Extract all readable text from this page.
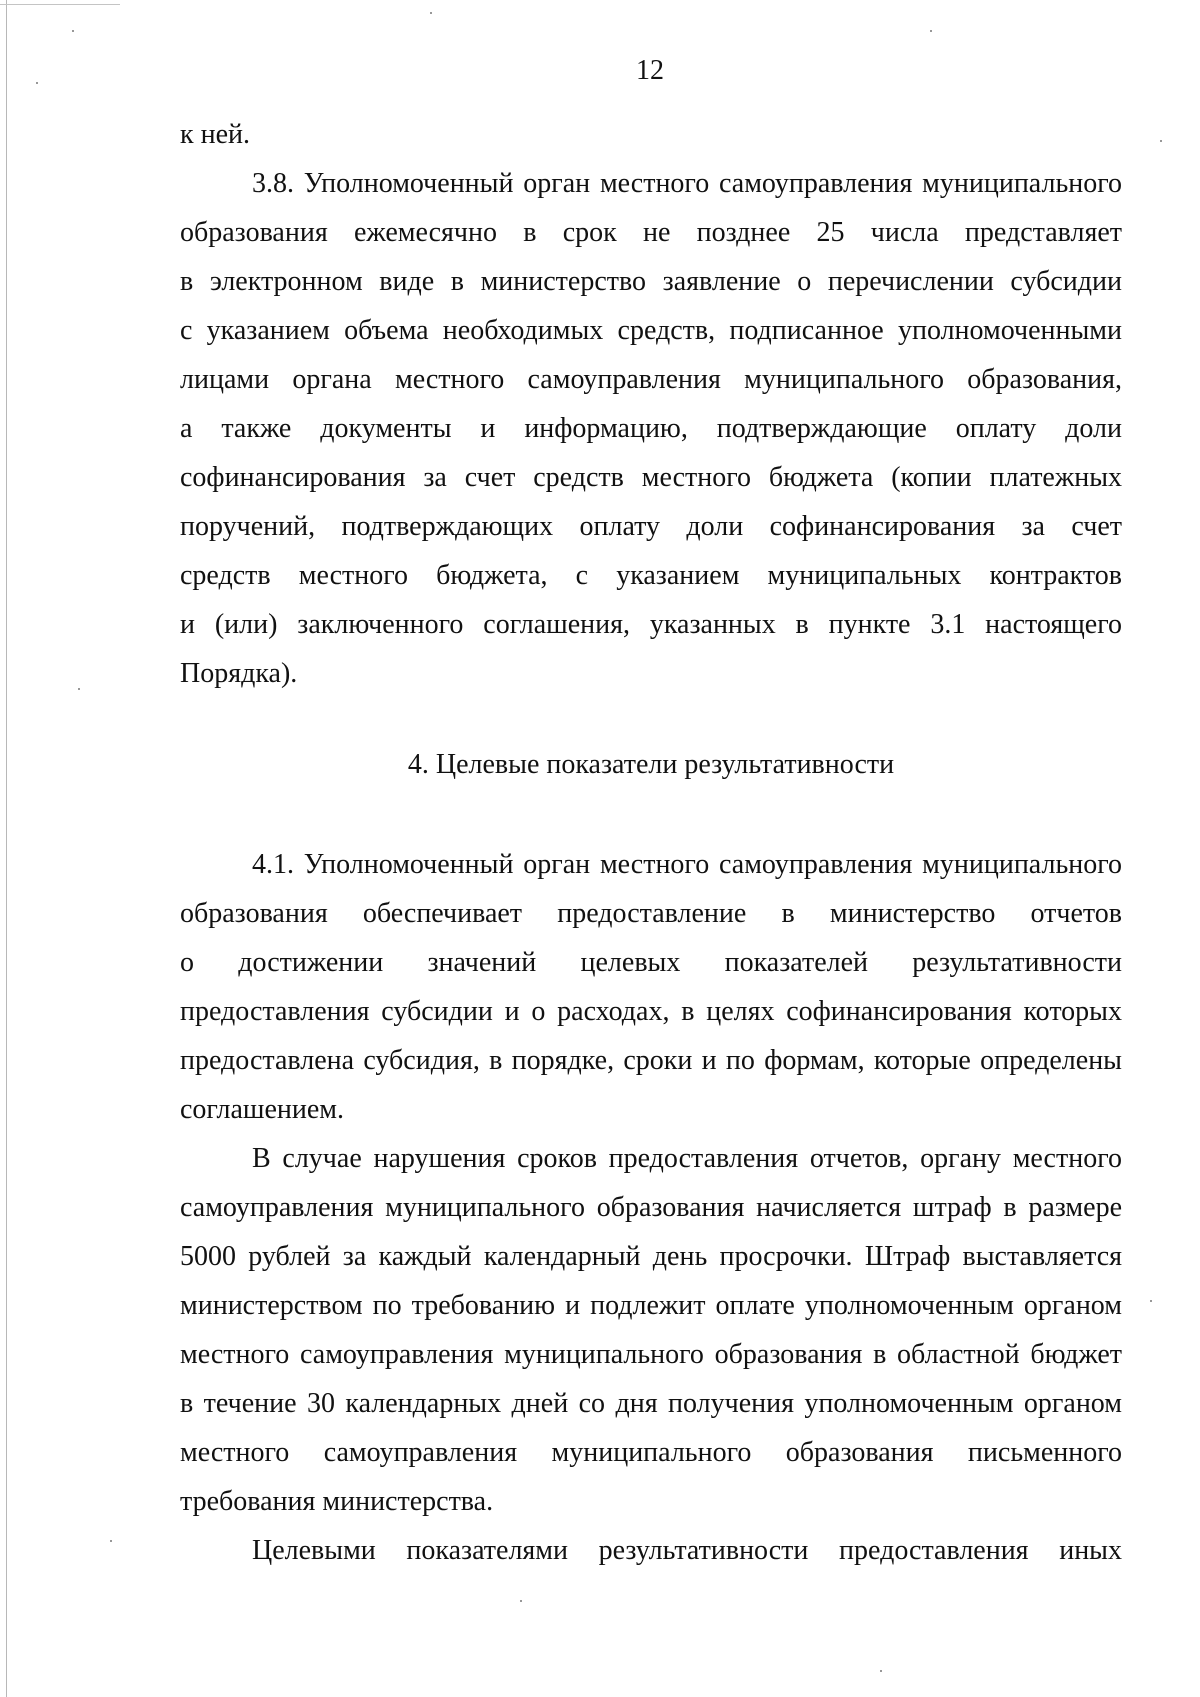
12

к ней.

3.8. Уполномоченный орган местного самоуправления муниципального
образования ежемесячно в срок не позднее 25 числа представляет
в электронном виде в министерство заявление о перечислении субсидии
с указанием объема необходимых средств, подписанное уполномоченными
лицами органа местного самоуправления муниципального образования,
а также документы и информацию, подтверждающие оплату доли
софинансирования за счет средств местного бюджета (копии платежных
поручений, подтверждающих оплату доли софинансирования за счет
средств местного бюджета, с указанием муниципальных контрактов
и (или) заключенного соглашения, указанных в пункте 3.1 настоящего
Порядка).

4. Целевые показатели результативности

4.1. Уполномоченный орган местного самоуправления муниципального
образования обеспечивает предоставление в министерство отчетов
о достижении значений целевых показателей результативности
предоставления субсидии и о расходах, в целях софинансирования которых
предоставлена субсидия, в порядке, сроки и по формам, которые определены
соглашением.

В случае нарушения сроков предоставления отчетов, органу местного
самоуправления муниципального образования начисляется штраф в размере
5000 рублей за каждый календарный день просрочки. Штраф выставляется
министерством по требованию и подлежит оплате уполномоченным органом
местного самоуправления муниципального образования в областной бюджет
в течение 30 календарных дней со дня получения уполномоченным органом
местного самоуправления муниципального образования письменного
требования министерства.

Целевыми показателями результативности предоставления иных
